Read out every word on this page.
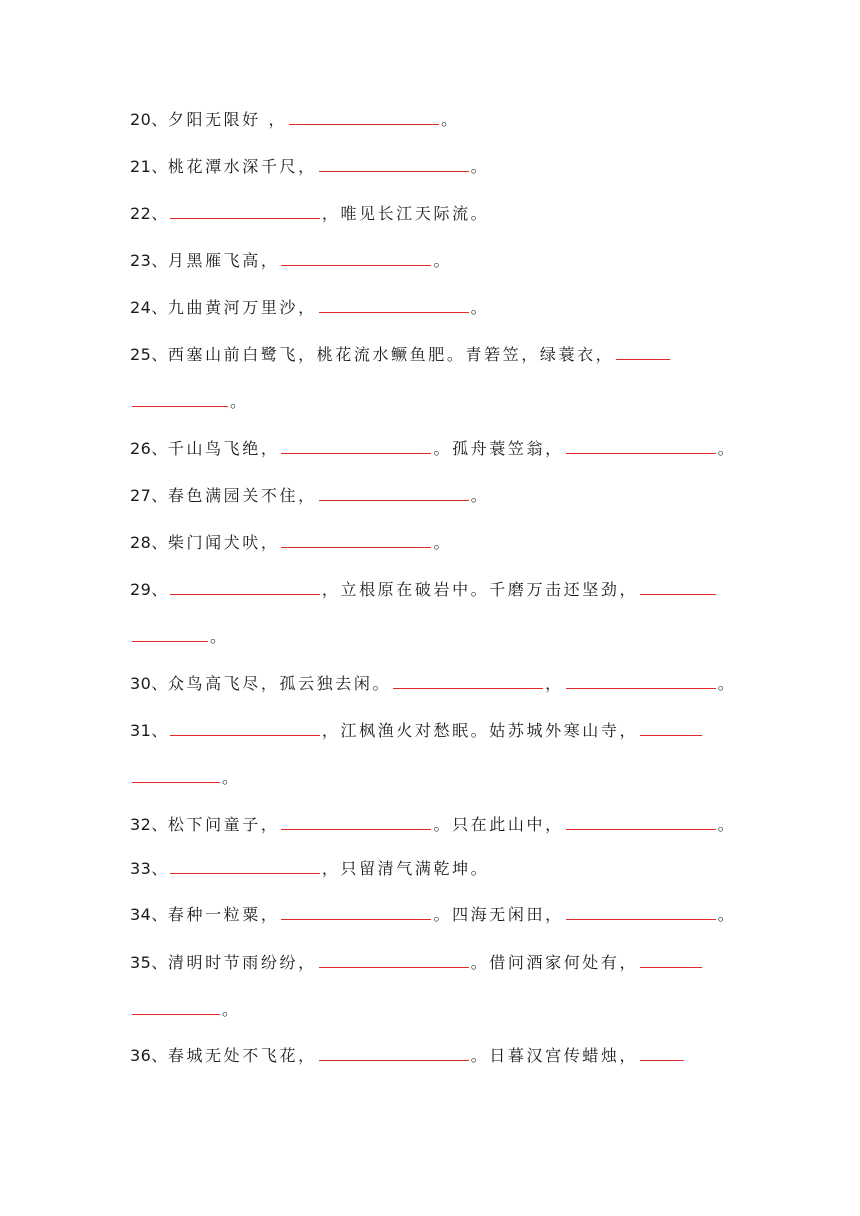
20、夕阳无限好 ，	。
21、桃花潭水深千尺，	。
22、	，唯见长江天际流。
23、月黑雁飞高，	。
24、九曲黄河万里沙，	。
25、西塞山前白鹭飞，桃花流水鳜鱼肥。青箬笠，绿蓑衣，
。
26、千山鸟飞绝，	。孤舟蓑笠翁，	。
27、春色满园关不住，	。
28、柴门闻犬吠，	。
29、	，立根原在破岩中。千磨万击还坚劲，
。
30、众鸟高飞尽，孤云独去闲。	，	。
31、	，江枫渔火对愁眠。姑苏城外寒山寺，
。
32、松下问童子，	。只在此山中，	。
33、	，只留清气满乾坤。
34、春种一粒粟，	。四海无闲田，	。
35、清明时节雨纷纷，	。借问酒家何处有，
。
36、春城无处不飞花，	。日暮汉宫传蜡烛，
